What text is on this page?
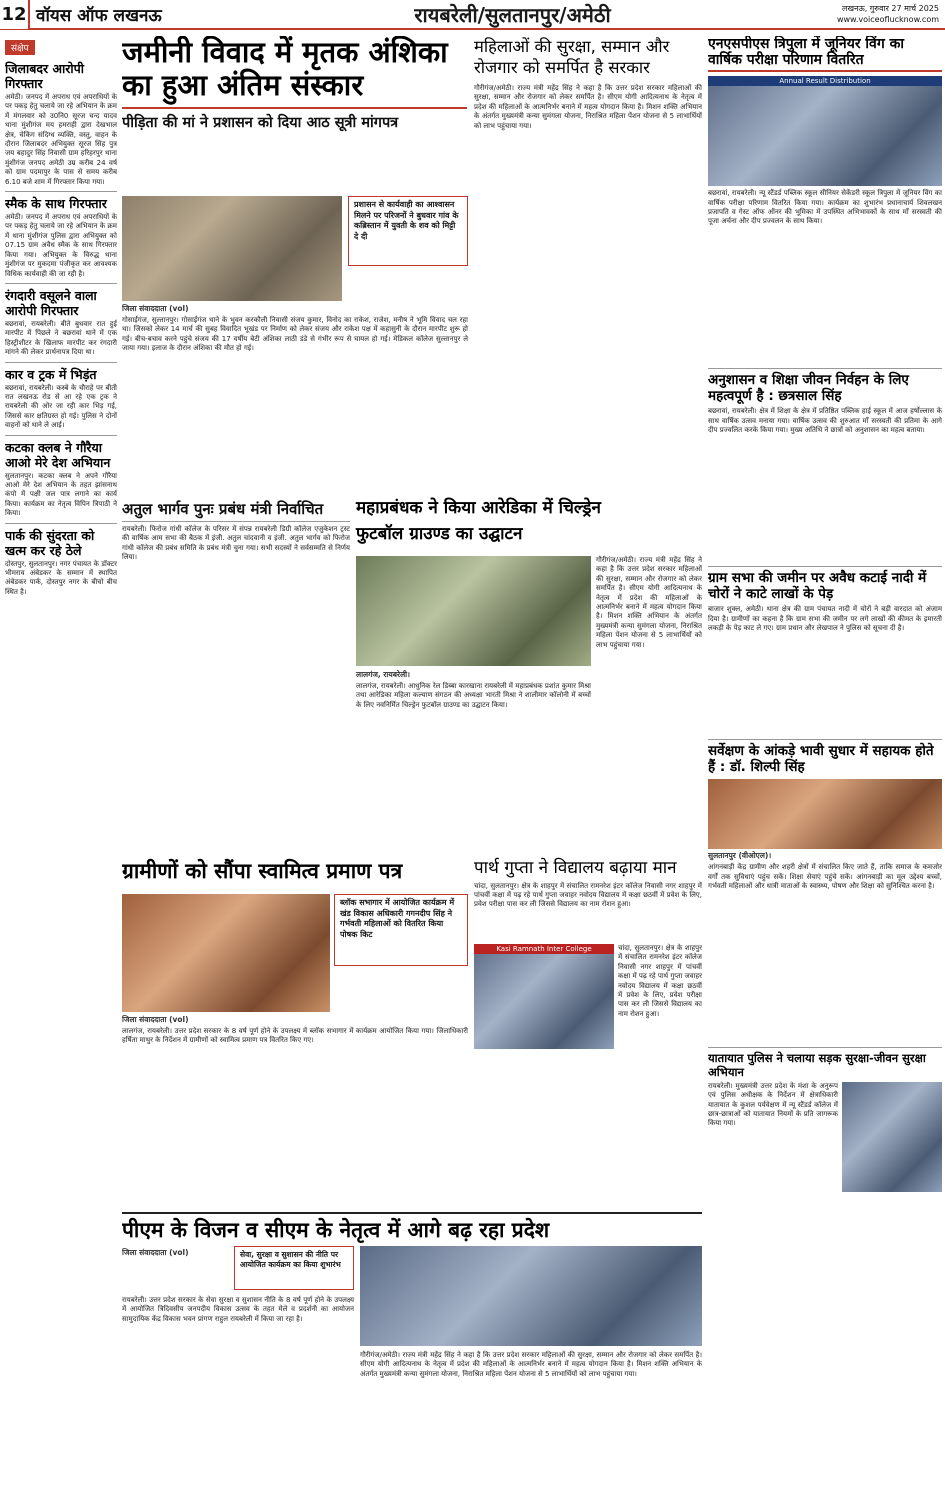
12 वॉयस ऑफ लखनऊ	रायबरेली/सुलतानपुर/अमेठी	लखनऊ, गुरुवार 27 मार्च 2025
www.voiceoflucknow.com
संक्षेप
जिलाबदर आरोपी गिरफ्तार
अमेठी। जनपद में अपराध एवं अपराधियों के पर पकड़ हेतु चलाये जा रहे अभियान के क्रम में मंगलवार को उ0नि0 सूरज चन्द यादव थाना मुंशीगंज मय हमराही द्वारा देखभाल क्षेत्र, चेकिंग संदिग्ध व्यक्ति, वस्तु, वाहन के दौरान जिलाबदर अभियुक्त सूरज सिंह पुत्र जय बहादुर सिंह निवासी ग्राम हरिहरपुर थाना मुंशीगंज जनपद अमेठी उम्र करीब 24 वर्ष को ग्राम पदमापुर के पास से समय करीब 6.10 बजे शाम में गिरफ्तार किया गया।
स्मैक के साथ गिरफ्तार
अमेठी। जनपद में अपराध एवं अपराधियों के पर पकड़ हेतु चलाये जा रहे अभियान के क्रम में थाना मुंशीगंज पुलिस द्वारा अभियुक्त को 07.15 ग्राम अवैध स्मैक के साथ गिरफ्तार किया गया। अभियुक्त के विरुद्ध थाना मुंशीगंज पर मुकदमा पंजीकृत कर आवश्यक विधिक कार्यवाही की जा रही है।
रंगदारी वसूलने वाला आरोपी गिरफ्तार
बछरावां, रायबरेली। बीते बुधवार रात हुई मारपीट में पिछले ने बछरावां थाने में एक हिस्ट्रीशीटर के खिलाफ मारपीट कर रंगदारी मांगने की लेकर प्रार्थनापत्र दिया था।
कार व ट्रक में भिड़ंत
बछरावां, रायबरेली। कस्बे के चौराहे पर बीती रात लखनऊ रोड से आ रहे एक ट्रक ने रायबरेली की ओर जा रही कार भिड़ गई, जिससे कार क्षतिग्रस्त हो गई। पुलिस ने दोनों वाहनों को थाने ले आई।
कटका क्लब ने गौरैया आओ मेरे देश अभियान
सुलतानपुर। कटका क्लब ने अपने गौरैया आओ मेरे देश अभियान के तहत झांसनाथ कंपो में पक्षी जल पात्र लगाने का कार्य किया। कार्यक्रम का नेतृत्व विपिन त्रिपाठी ने किया।
पार्क की सुंदरता को खत्म कर रहे ठेले
दोस्तपुर, सुलतानपुर। नगर पंचायत के डॉक्टर भीमराव अंबेडकर के सम्मान में स्थापित अंबेडकर पार्क, दोस्तपुर नगर के बीचो बीच स्थित है।
जमीनी विवाद में मृतक अंशिका
का हुआ अंतिम संस्कार
पीड़िता की मां ने प्रशासन को दिया आठ सूत्री मांगपत्र
जिला संवाददाता (vol)
प्रशासन से कार्यवाही का आश्वासन मिलने पर परिजनों ने बुधवार गांव के कब्रिस्तान में युवती के शव को मिट्टी दे दी
गोसाईंगंज, सुल्तानपुर। गोसाईंगंज थाने के भुवन करकौली निवासी संजय कुमार, विनोद का राकेश, राजेश, मनीष ने भूमि विवाद चल रहा था। जिसको लेकर 14 मार्च की सुबह विवादित भूखंड पर निर्माण को लेकर संजय और राकेश पक्ष में कहासुनी के दौरान मारपीट शुरू हो गई। बीच-बचाव करने पहुंचे संजय की 17 वर्षीय बेटी अंशिका लाठी डंडे से गंभीर रूप से घायल हो गई। मेडिकल कॉलेज सुल्तानपुर ले जाया गया। इलाज के दौरान अंशिका की मौत हो गई।
महिलाओं की सुरक्षा, सम्मान और रोजगार को समर्पित है सरकार
गौरीगंज/अमेठी। राज्य मंत्री महेंद्र सिंह ने कहा है कि उत्तर प्रदेश सरकार महिलाओं की सुरक्षा, सम्मान और रोजगार को लेकर समर्पित है। सीएम योगी आदित्यनाथ के नेतृत्व में प्रदेश की महिलाओं के आत्मनिर्भर बनाने में महत्व योगदान किया है। मिशन शक्ति अभियान के अंतर्गत मुख्यमंत्री कन्या सुमंगला योजना, निराश्रित महिला पेंशन योजना से 5 लाभार्थियों को लाभ पहुंचाया गया।
अतुल भार्गव पुनः प्रबंध मंत्री निर्वाचित
रायबरेली। फिरोज गांधी कॉलेज के परिसर में संपन्न रायबरेली डिग्री कॉलेज एजुकेशन ट्रस्ट की वार्षिक आम सभा की बैठक में इंजी. अतुल चांदवानी व इंजी. अतुल भार्गव को फिरोज गांधी कॉलेज की प्रबंध समिति के प्रबंध मंत्री चुना गया। सभी सदस्यों ने सर्वसम्मति से निर्णय लिया।
महाप्रबंधक ने किया आरेडिका में चिल्ड्रेन
फुटबॉल ग्राउण्ड का उद्घाटन
लालगंज, रायबरेली।
लालगंज, रायबरेली। आधुनिक रेल डिब्बा कारखाना रायबरेली में महाप्रबंधक प्रशांत कुमार मिश्रा तथा आरेडिका महिला कल्याण संगठन की अध्यक्षा भारती मिश्रा ने शालीमार कॉलोनी में बच्चों के लिए नवनिर्मित चिल्ड्रेन फुटबॉल ग्राउण्ड का उद्घाटन किया।
गौरीगंज/अमेठी। राज्य मंत्री महेंद्र सिंह ने कहा है कि उत्तर प्रदेश सरकार महिलाओं की सुरक्षा, सम्मान और रोजगार को लेकर समर्पित है। सीएम योगी आदित्यनाथ के नेतृत्व में प्रदेश की महिलाओं के आत्मनिर्भर बनाने में महत्व योगदान किया है। मिशन शक्ति अभियान के अंतर्गत मुख्यमंत्री कन्या सुमंगला योजना, निराश्रित महिला पेंशन योजना से 5 लाभार्थियों को लाभ पहुंचाया गया।
ग्रामीणों को सौंपा स्वामित्व प्रमाण पत्र
जिला संवाददाता (vol)
ब्लॉक सभागार में आयोजित कार्यक्रम में खंड विकास अधिकारी गगनदीप सिंह ने गर्भवती महिलाओं को वितरित किया पोषक किट
लालगंज, रायबरेली। उत्तर प्रदेश सरकार के 8 वर्ष पूर्ण होने के उपलक्ष्य में ब्लॉक सभागार में कार्यक्रम आयोजित किया गया। जिलाधिकारी हर्षिता माथुर के निर्देशन में ग्रामीणों को स्वामित्व प्रमाण पत्र वितरित किए गए।
पार्थ गुप्ता ने विद्यालय बढ़ाया मान
चांदा, सुलतानपुर। क्षेत्र के शाहपुर में संचालित रामनरेश इंटर कॉलेज निवासी नगर शाहपुर में पांचवीं कक्षा में पढ़ रहे पार्थ गुप्ता जवाहर नवोदय विद्यालय में कक्षा छठवीं में प्रवेश के लिए, प्रवेश परीक्षा पास कर ली जिससे विद्यालय का नाम रोशन हुआ।
Kasi Ramnath Inter College	चांदा, सुलतानपुर। क्षेत्र के शाहपुर में संचालित रामनरेश इंटर कॉलेज निवासी नगर शाहपुर में पांचवीं कक्षा में पढ़ रहे पार्थ गुप्ता जवाहर नवोदय विद्यालय में कक्षा छठवीं में प्रवेश के लिए, प्रवेश परीक्षा पास कर ली जिससे विद्यालय का नाम रोशन हुआ।
पीएम के विजन व सीएम के नेतृत्व में आगे बढ़ रहा प्रदेश
जिला संवाददाता (vol)	सेवा, सुरक्षा व सुशासन की नीति पर आयोजित कार्यक्रम का किया शुभारंभ
रायबरेली। उत्तर प्रदेश सरकार के सेवा सुरक्षा व सुशासन नीति के 8 वर्ष पूर्ण होने के उपलक्ष्य में आयोजित त्रिदिवसीय जनपदीय विकास उत्सव के तहत मेले व प्रदर्शनी का आयोजन सामुदायिक केंद्र विकास भवन प्रांगण राहुल रायबरेली में किया जा रहा है।
गौरीगंज/अमेठी। राज्य मंत्री महेंद्र सिंह ने कहा है कि उत्तर प्रदेश सरकार महिलाओं की सुरक्षा, सम्मान और रोजगार को लेकर समर्पित है। सीएम योगी आदित्यनाथ के नेतृत्व में प्रदेश की महिलाओं के आत्मनिर्भर बनाने में महत्व योगदान किया है। मिशन शक्ति अभियान के अंतर्गत मुख्यमंत्री कन्या सुमंगला योजना, निराश्रित महिला पेंशन योजना से 5 लाभार्थियों को लाभ पहुंचाया गया।
एनएसपीएस त्रिपुला में जूनियर विंग का वार्षिक परीक्षा परिणाम वितरित
Annual Result Distribution
बछरावां, रायबरेली। न्यू स्टैंडर्ड पब्लिक स्कूल सीनियर सेकेंडरी स्कूल त्रिपुला में जूनियर विंग का वार्षिक परीक्षा परिणाम वितरित किया गया। कार्यक्रम का शुभारंभ प्रधानाचार्य शिवलखन प्रजापति व गेस्ट ऑफ ऑनर की भूमिका में उपस्थित अभिभावकों के साथ माँ सरस्वती की पूजा अर्चना और दीप प्रज्वलन के साथ किया।
अनुशासन व शिक्षा जीवन निर्वहन के लिए महत्वपूर्ण है : छत्रसाल सिंह
बछरावां, रायबरेली। क्षेत्र में शिक्षा के क्षेत्र में प्रतिष्ठित पब्लिक हाई स्कूल में आज हर्षोल्लास के साथ वार्षिक उत्सव मनाया गया। वार्षिक उत्सव की शुरुआत माँ सरस्वती की प्रतिमा के आगे दीप प्रज्वलित करके किया गया। मुख्य अतिथि ने छात्रों को अनुशासन का महत्व बताया।
ग्राम सभा की जमीन पर अवैध कटाई नादी में चोरों ने काटे लाखों के पेड़
बाजार शुक्ल, अमेठी। थाना क्षेत्र की ग्राम पंचायत नादी में चोरों ने बड़ी वारदात को अंजाम दिया है। ग्रामीणों का कहना है कि ग्राम सभा की जमीन पर लगे लाखों की कीमत के इमारती लकड़ी के पेड़ काट ले गए। ग्राम प्रधान और लेखपाल ने पुलिस को सूचना दी है।
सर्वेक्षण के आंकड़े भावी सुधार में सहायक होते हैं : डॉ. शिल्पी सिंह
सुलतानपुर (वीओएल)।
आंगनबाड़ी केंद्र ग्रामीण और शहरी क्षेत्रों में संचालित किए जाते हैं, ताकि समाज के कमजोर वर्गों तक सुविधाएं पहुंच सकें। शिक्षा सेवाएं पहुंचे सकें। आंगनबाड़ी का मूल उद्देश्य बच्चों, गर्भवती महिलाओं और धात्री माताओं के स्वास्थ्य, पोषण और शिक्षा को सुनिश्चित करना है।
यातायात पुलिस ने चलाया सड़क सुरक्षा-जीवन सुरक्षा अभियान
रायबरेली। मुख्यमंत्री उत्तर प्रदेश के मंशा के अनुरूप एवं पुलिस अधीक्षक के निर्देशन में क्षेत्राधिकारी यातायात के कुशल पर्यवेक्षण में न्यू स्टैंडर्ड कॉलेज में छात्र-छात्राओं को यातायात नियमों के प्रति जागरूक किया गया।
